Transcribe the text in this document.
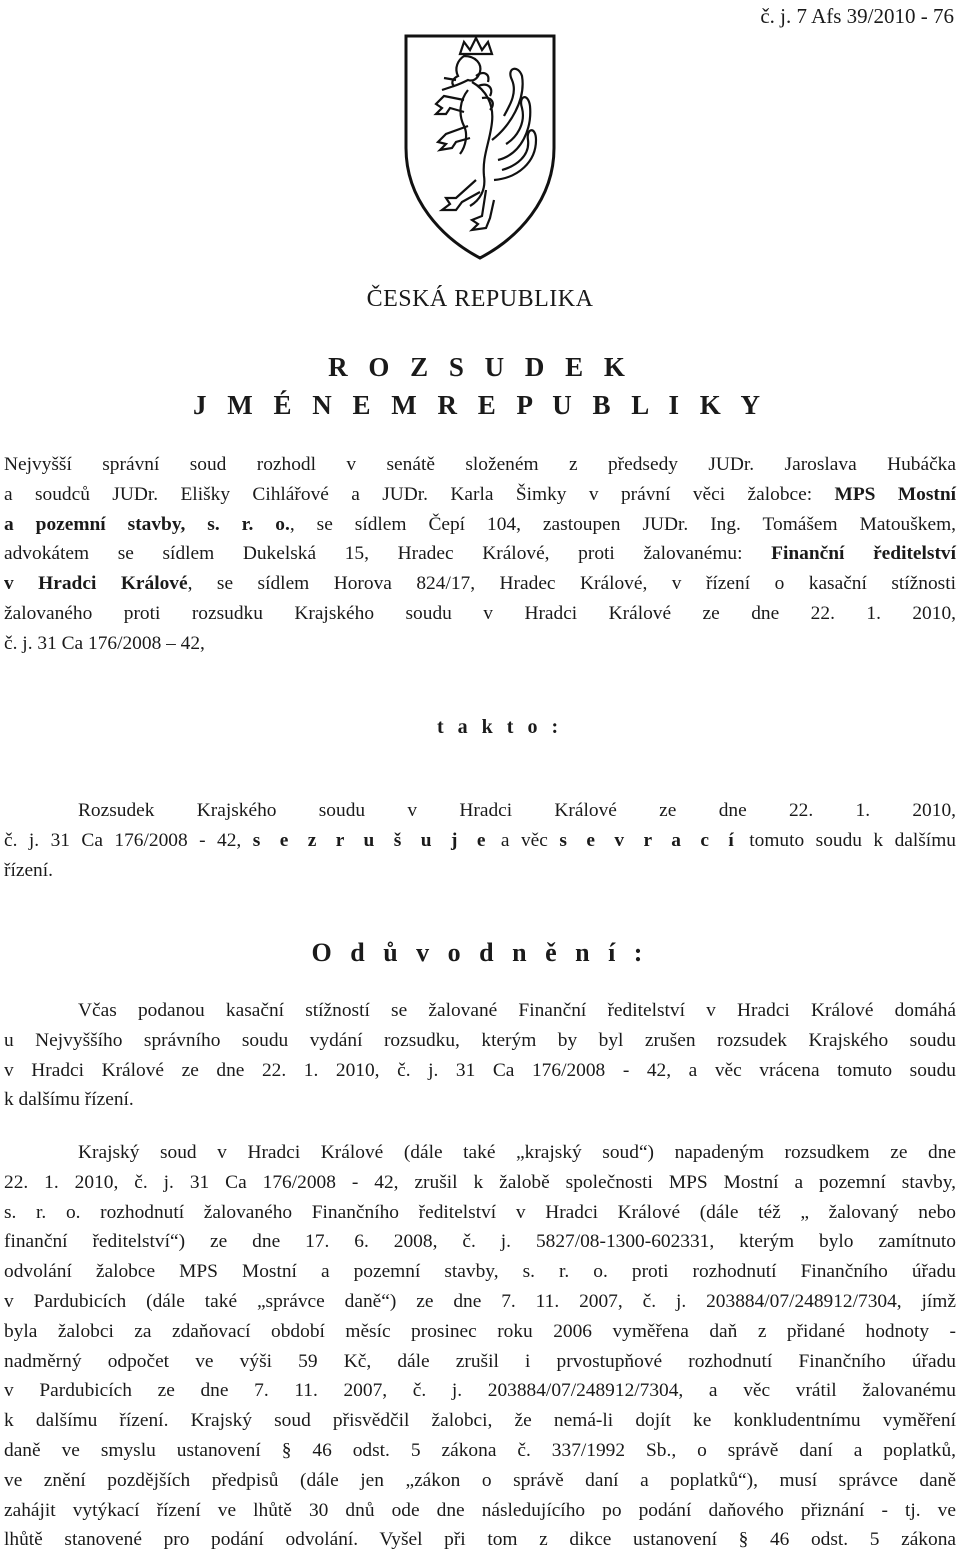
č. j. 7 Afs 39/2010 - 76
ČESKÁ REPUBLIKA
R O Z S U D E K
J M É N E M R E P U B L I K Y
Nejvyšší správní soud rozhodl v senátě složeném z předsedy JUDr. Jaroslava Hubáčka
a soudců JUDr. Elišky Cihlářové a JUDr. Karla Šimky v právní věci žalobce: MPS Mostní
a pozemní stavby, s. r. o., se sídlem Čepí 104, zastoupen JUDr. Ing. Tomášem Matouškem,
advokátem se sídlem Dukelská 15, Hradec Králové, proti žalovanému: Finanční ředitelství
v Hradci Králové, se sídlem Horova 824/17, Hradec Králové, v řízení o kasační stížnosti
žalovaného proti rozsudku Krajského soudu v Hradci Králové ze dne 22. 1. 2010,
č. j. 31 Ca 176/2008 – 42,
t a k t o :
Rozsudek Krajského soudu v Hradci Králové ze dne 22. 1. 2010,
č. j. 31 Ca 176/2008 - 42, s e z r u š u j e a věc s e v r a c í tomuto soudu k dalšímu
řízení.
O d ů v o d n ě n í :
Včas podanou kasační stížností se žalované Finanční ředitelství v Hradci Králové domáhá
u Nejvyššího správního soudu vydání rozsudku, kterým by byl zrušen rozsudek Krajského soudu
v Hradci Králové ze dne 22. 1. 2010, č. j. 31 Ca 176/2008 - 42, a věc vrácena tomuto soudu
k dalšímu řízení.
Krajský soud v Hradci Králové (dále také „krajský soud“) napadeným rozsudkem ze dne
22. 1. 2010, č. j. 31 Ca 176/2008 - 42, zrušil k žalobě společnosti MPS Mostní a pozemní stavby,
s. r. o. rozhodnutí žalovaného Finančního ředitelství v Hradci Králové (dále též „ žalovaný nebo
finanční ředitelství“) ze dne 17. 6. 2008, č. j. 5827/08-1300-602331, kterým bylo zamítnuto
odvolání žalobce MPS Mostní a pozemní stavby, s. r. o. proti rozhodnutí Finančního úřadu
v Pardubicích (dále také „správce daně“) ze dne 7. 11. 2007, č. j. 203884/07/248912/7304, jímž
byla žalobci za zdaňovací období měsíc prosinec roku 2006 vyměřena daň z přidané hodnoty -
nadměrný odpočet ve výši 59 Kč, dále zrušil i prvostupňové rozhodnutí Finančního úřadu
v Pardubicích ze dne 7. 11. 2007, č. j. 203884/07/248912/7304, a věc vrátil žalovanému
k dalšímu řízení. Krajský soud přisvědčil žalobci, že nemá-li dojít ke konkludentnímu vyměření
daně ve smyslu ustanovení § 46 odst. 5 zákona č. 337/1992 Sb., o správě daní a poplatků,
ve znění pozdějších předpisů (dále jen „zákon o správě daní a poplatků“), musí správce daně
zahájit vytýkací řízení ve lhůtě 30 dnů ode dne následujícího po podání daňového přiznání - tj. ve
lhůtě stanovené pro podání odvolání. Vyšel při tom z dikce ustanovení § 46 odst. 5 zákona
